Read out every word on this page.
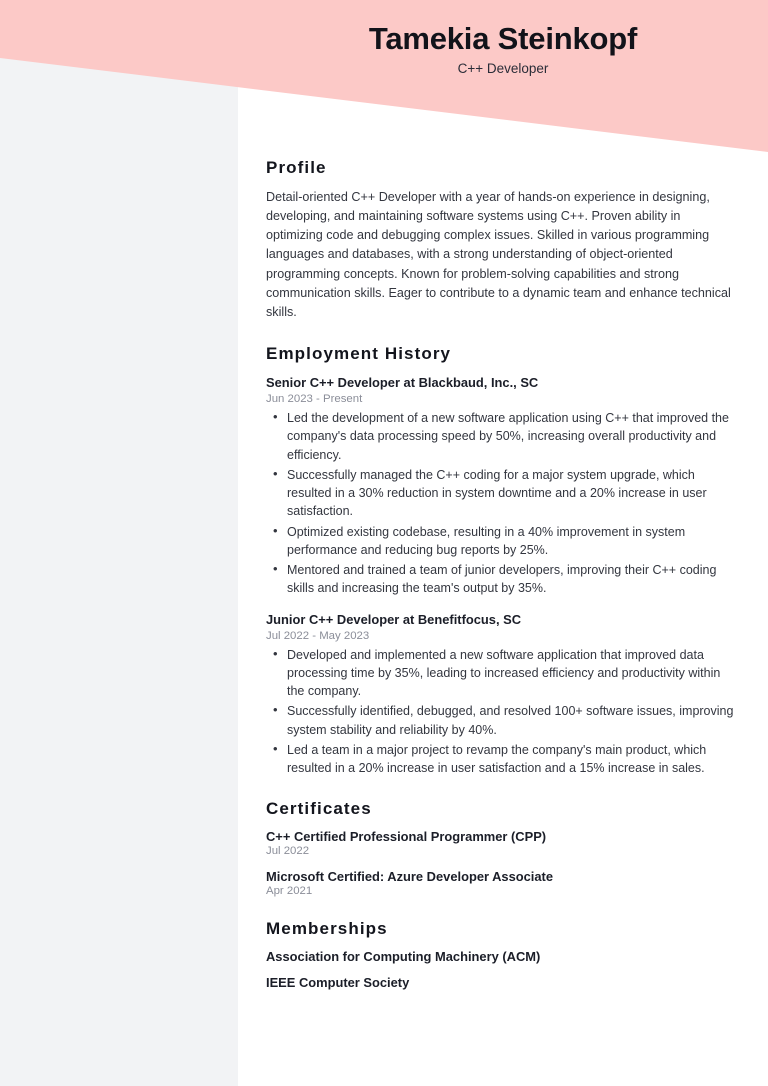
Tamekia Steinkopf
C++ Developer
Profile

Detail-oriented C++ Developer with a year of hands-on experience in designing, developing, and maintaining software systems using C++. Proven ability in optimizing code and debugging complex issues. Skilled in various programming languages and databases, with a strong understanding of object-oriented programming concepts. Known for problem-solving capabilities and strong communication skills. Eager to contribute to a dynamic team and enhance technical skills.

Employment History
Senior C++ Developer at Blackbaud, Inc., SC
Jun 2023 - Present
• Led the development of a new software application using C++ that improved the company's data processing speed by 50%, increasing overall productivity and efficiency.
• Successfully managed the C++ coding for a major system upgrade, which resulted in a 30% reduction in system downtime and a 20% increase in user satisfaction.
• Optimized existing codebase, resulting in a 40% improvement in system performance and reducing bug reports by 25%.
• Mentored and trained a team of junior developers, improving their C++ coding skills and increasing the team's output by 35%.
Junior C++ Developer at Benefitfocus, SC
Jul 2022 - May 2023
• Developed and implemented a new software application that improved data processing time by 35%, leading to increased efficiency and productivity within the company.
• Successfully identified, debugged, and resolved 100+ software issues, improving system stability and reliability by 40%.
• Led a team in a major project to revamp the company's main product, which resulted in a 20% increase in user satisfaction and a 15% increase in sales.
Certificates
C++ Certified Professional Programmer (CPP)
Jul 2022
Microsoft Certified: Azure Developer Associate
Apr 2021
Memberships
Association for Computing Machinery (ACM)
IEEE Computer Society
